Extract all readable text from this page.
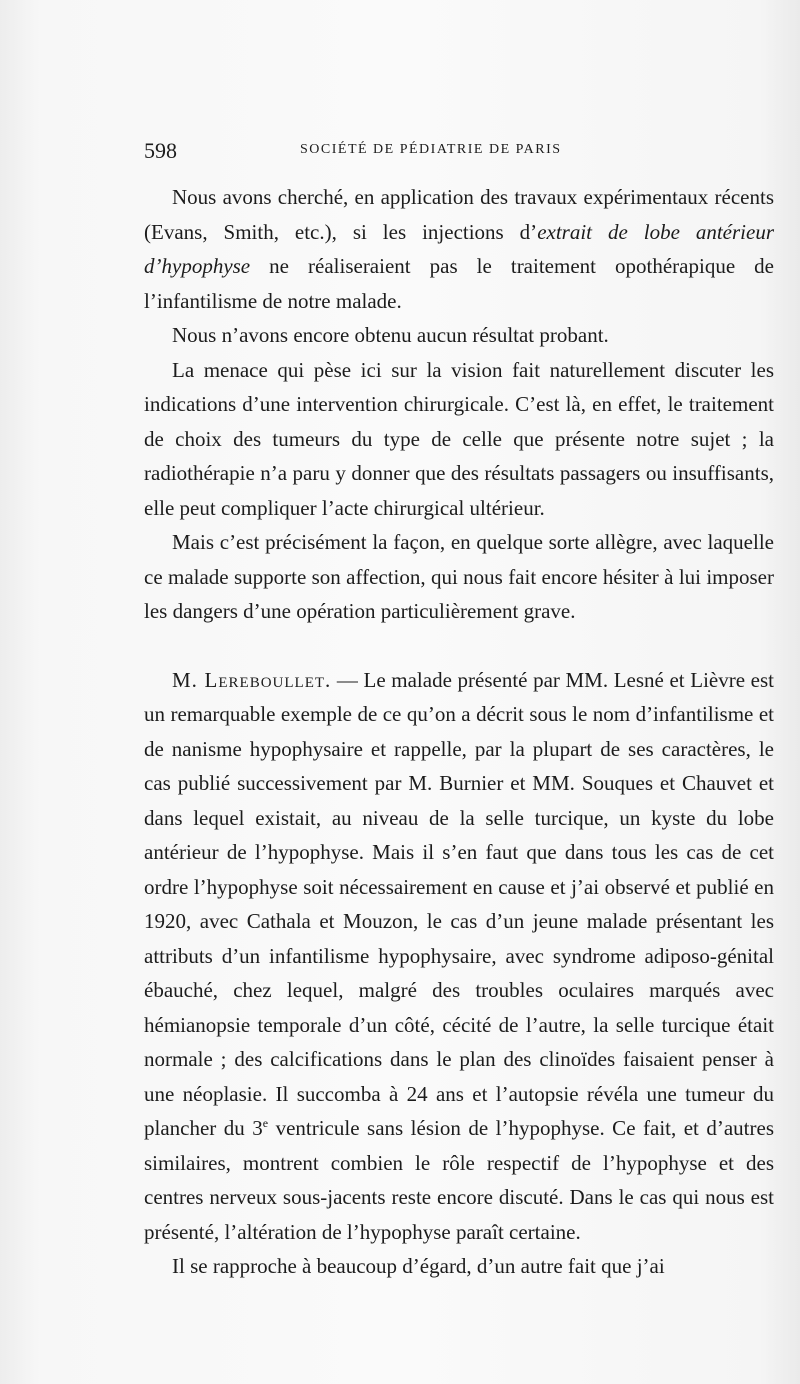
598	SOCIÉTÉ DE PÉDIATRIE DE PARIS

Nous avons cherché, en application des travaux expérimentaux récents (Evans, Smith, etc.), si les injections d’extrait de lobe antérieur d’hypophyse ne réaliseraient pas le traitement opothérapique de l’infantilisme de notre malade.

Nous n’avons encore obtenu aucun résultat probant.

La menace qui pèse ici sur la vision fait naturellement discuter les indications d’une intervention chirurgicale. C’est là, en effet, le traitement de choix des tumeurs du type de celle que présente notre sujet ; la radiothérapie n’a paru y donner que des résultats passagers ou insuffisants, elle peut compliquer l’acte chirurgical ultérieur.

Mais c’est précisément la façon, en quelque sorte allègre, avec laquelle ce malade supporte son affection, qui nous fait encore hésiter à lui imposer les dangers d’une opération particulièrement grave.

M. Lereboullet. — Le malade présenté par MM. Lesné et Lièvre est un remarquable exemple de ce qu’on a décrit sous le nom d’infantilisme et de nanisme hypophysaire et rappelle, par la plupart de ses caractères, le cas publié successivement par M. Burnier et MM. Souques et Chauvet et dans lequel existait, au niveau de la selle turcique, un kyste du lobe antérieur de l’hypophyse. Mais il s’en faut que dans tous les cas de cet ordre l’hypophyse soit nécessairement en cause et j’ai observé et publié en 1920, avec Cathala et Mouzon, le cas d’un jeune malade présentant les attributs d’un infantilisme hypophysaire, avec syndrome adiposo-génital ébauché, chez lequel, malgré des troubles oculaires marqués avec hémianopsie temporale d’un côté, cécité de l’autre, la selle turcique était normale ; des calcifications dans le plan des clinoïdes faisaient penser à une néoplasie. Il succomba à 24 ans et l’autopsie révéla une tumeur du plancher du 3e ventricule sans lésion de l’hypophyse. Ce fait, et d’autres similaires, montrent combien le rôle respectif de l’hypophyse et des centres nerveux sous-jacents reste encore discuté. Dans le cas qui nous est présenté, l’altération de l’hypophyse paraît certaine.

Il se rapproche à beaucoup d’égard, d’un autre fait que j’ai
